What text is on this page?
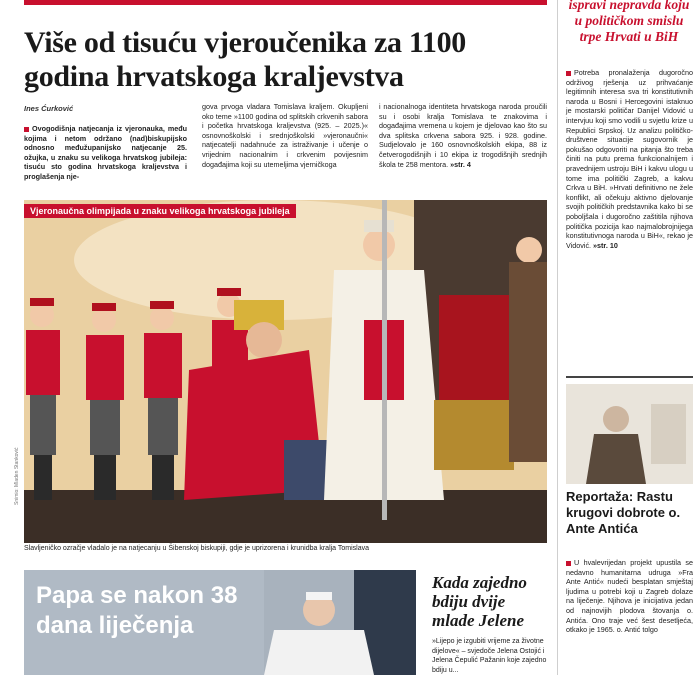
Više od tisuću vjeroučenika za 1100 godina hrvatskoga kraljevstva
Ines Ćurković

Ovogodišnja natjecanja iz vjeronauka, među kojima i netom održano (nad)biskupijsko odnosno međužupanijsko natjecanje 25. ožujka, u znaku su velikoga hrvatskog jubileja: tisuću sto godina hrvatskoga kraljevstva i proglašenja nje-

gova prvoga vladara Tomislava kraljem. Okupljeni oko teme »1100 godina od splitskih crkvenih sabora i početka hrvatskoga kraljevstva (925. – 2025.)« osnovnoškolski i srednjoškolski »vjeronaučni« natjecatelji nadahnuće za istraživanje i učenje o vrijednim nacionalnim i crkvenim povijesnim događajima koji su utemeljima vjerničkoga

i nacionalnoga identiteta hrvatskoga naroda proučili su i osobi kralja Tomislava te znakovima i događajima vremena u kojem je djelovao kao što su dva splitska crkvena sabora 925. i 928. godine. Sudjelovalo je 160 osnovnoškolskih ekipa, 88 iz četverogodišnjih i 10 ekipa iz trogodišnjih srednjih škola te 258 mentora. »str. 4

Vjeronaučna olimpijada u znaku velikoga hrvatskoga jubileja
Snimio: Mladen Stanković

Slavljeničko ozračje vladalo je na natjecanju u Šibenskoj biskupiji, gdje je uprizorena i krunidba kralja Tomislava

Papa se nakon 38 dana liječenja
Kada zajedno bdiju dvije mlade Jelene

»Lijepo je izgubiti vrijeme za životne dijelove« – svjedoče Jelena Ostojić i Jelena Čepulić Pažanin koje zajedno bdiju u...

ispravi nepravda koju u političkom smislu trpe Hrvati u BiH

Potreba pronalaženja dugoročno održivog rješenja uz prihvaćanje legitimnih interesa sva tri konstitutivnih naroda u Bosni i Hercegovini istaknuo je mostarski političar Danijel Vidović u intervjuu koji smo vodili u svjetlu krize u Republici Srpskoj. Uz analizu političko-društvene situacije sugovornik je pokušao odgovoriti na pitanja što treba činiti na putu prema funkcionalnijem i pravednijem ustroju BiH i kakvu ulogu u tome ima politički Zagreb, a kakvu Crkva u BiH. »Hrvati definitivno ne žele konflikt, ali očekuju aktivno djelovanje svojih političkih predstavnika kako bi se poboljšala i dugoročno zaštitila njihova politička pozicija kao najmalobrojnijega konstitutivnoga naroda u BiH«, rekao je Vidović. »str. 10

Reportaža: Rastu krugovi dobrote o. Ante Antića

U hvalevrijedan projekt upustila se nedavno humanitarna udruga »Fra Ante Antić« nudeći besplatan smještaj ljudima u potrebi koji u Zagreb dolaze na liječenje. Njihova je inicijativa jedan od najnovijih plodova štovanja o. Antića. Ono traje već šest desetljeća, otkako je 1965. o. Antić tolgo
